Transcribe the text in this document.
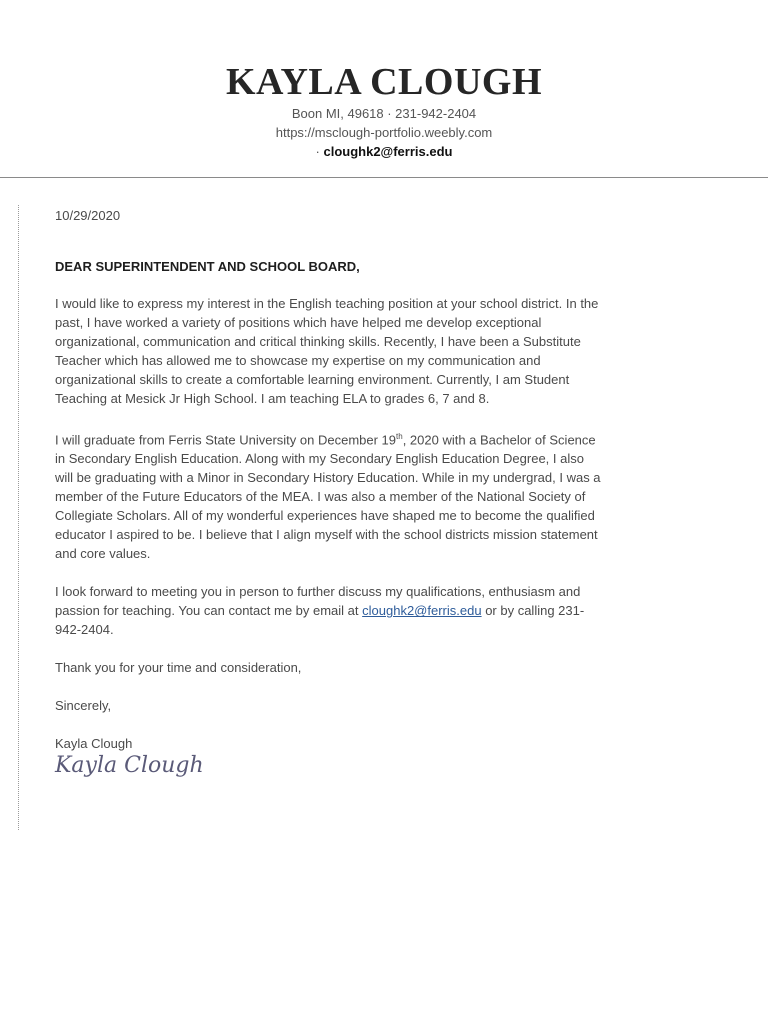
KAYLA CLOUGH
Boon MI, 49618 · 231-942-2404
https://msclough-portfolio.weebly.com
· cloughk2@ferris.edu

10/29/2020

DEAR SUPERINTENDENT AND SCHOOL BOARD,

I would like to express my interest in the English teaching position at your school district. In the past, I have worked a variety of positions which have helped me develop exceptional organizational, communication and critical thinking skills. Recently, I have been a Substitute Teacher which has allowed me to showcase my expertise on my communication and organizational skills to create a comfortable learning environment. Currently, I am Student Teaching at Mesick Jr High School. I am teaching ELA to grades 6, 7 and 8.

I will graduate from Ferris State University on December 19th, 2020 with a Bachelor of Science in Secondary English Education. Along with my Secondary English Education Degree, I also will be graduating with a Minor in Secondary History Education. While in my undergrad, I was a member of the Future Educators of the MEA. I was also a member of the National Society of Collegiate Scholars. All of my wonderful experiences have shaped me to become the qualified educator I aspired to be. I believe that I align myself with the school districts mission statement and core values.

I look forward to meeting you in person to further discuss my qualifications, enthusiasm and passion for teaching. You can contact me by email at cloughk2@ferris.edu or by calling 231-942-2404.

Thank you for your time and consideration,

Sincerely,

Kayla Clough

Kayla Clough
